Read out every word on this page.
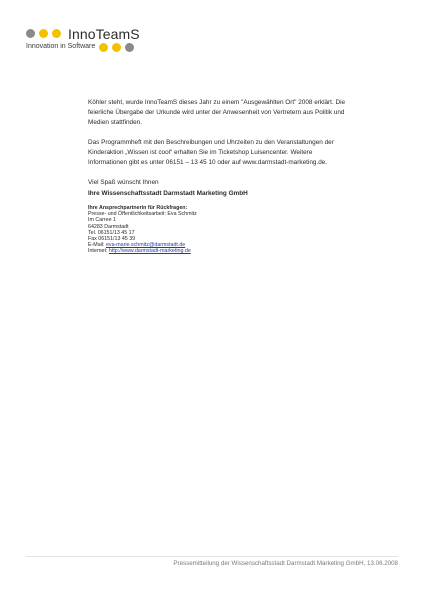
InnoTeamS
Innovation in Software

Köhler steht, wurde InnoTeamS dieses Jahr zu einem "Ausgewählten Ort" 2008 erklärt. Die feierliche Übergabe der Urkunde wird unter der Anwesenheit von Vertretern aus Politik und Medien stattfinden.

Das Programmheft mit den Beschreibungen und Uhrzeiten zu den Veranstaltungen der Kinderaktion „Wissen ist cool“ erhalten Sie im Ticketshop Luisencenter. Weitere Informationen gibt es unter 06151 – 13 45 10 oder auf www.darmstadt-marketing.de.

Viel Spaß wünscht Ihnen

Ihre Wissenschaftsstadt Darmstadt Marketing GmbH
Ihre Ansprechpartnerin für Rückfragen:
Presse- und Öffentlichkeitsarbeit: Eva Schmitz
Im Carree 1
64283 Darmstadt
Tel. 06151/13 45 17
Fax 06151/13 45 39
E-Mail: eva-marie.schmitz@darmstadt.de
Internet: http://www.darmstadt-marketing.de
Pressemitteilung der Wissenschaftsstadt Darmstadt Marketing GmbH, 13.06.2008
